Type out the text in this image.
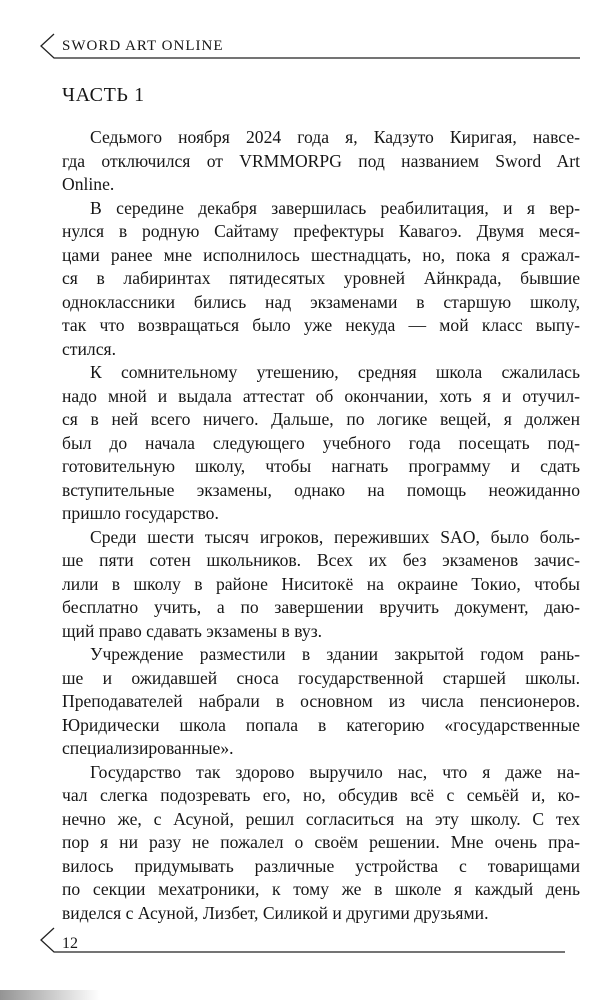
SWORD ART ONLINE
ЧАСТЬ 1
Седьмого ноября 2024 года я, Кадзуто Киригая, навсе-
гда отключился от VRMMORPG под названием Sword Art
Online.
В середине декабря завершилась реабилитация, и я вер-
нулся в родную Сайтаму префектуры Кавагоэ. Двумя меся-
цами ранее мне исполнилось шестнадцать, но, пока я сражал-
ся в лабиринтах пятидесятых уровней Айнкрада, бывшие
одноклассники бились над экзаменами в старшую школу,
так что возвращаться было уже некуда — мой класс выпу-
стился.
К сомнительному утешению, средняя школа сжалилась
надо мной и выдала аттестат об окончании, хоть я и отучил-
ся в ней всего ничего. Дальше, по логике вещей, я должен
был до начала следующего учебного года посещать под-
готовительную школу, чтобы нагнать программу и сдать
вступительные экзамены, однако на помощь неожиданно
пришло государство.
Среди шести тысяч игроков, переживших SAO, было боль-
ше пяти сотен школьников. Всех их без экзаменов зачис-
лили в школу в районе Ниситокё на окраине Токио, чтобы
бесплатно учить, а по завершении вручить документ, даю-
щий право сдавать экзамены в вуз.
Учреждение разместили в здании закрытой годом рань-
ше и ожидавшей сноса государственной старшей школы.
Преподавателей набрали в основном из числа пенсионеров.
Юридически школа попала в категорию «государственные
специализированные».
Государство так здорово выручило нас, что я даже на-
чал слегка подозревать его, но, обсудив всё с семьёй и, ко-
нечно же, с Асуной, решил согласиться на эту школу. С тех
пор я ни разу не пожалел о своём решении. Мне очень пра-
вилось придумывать различные устройства с товарищами
по секции мехатроники, к тому же в школе я каждый день
виделся с Асуной, Лизбет, Силикой и другими друзьями.
12
